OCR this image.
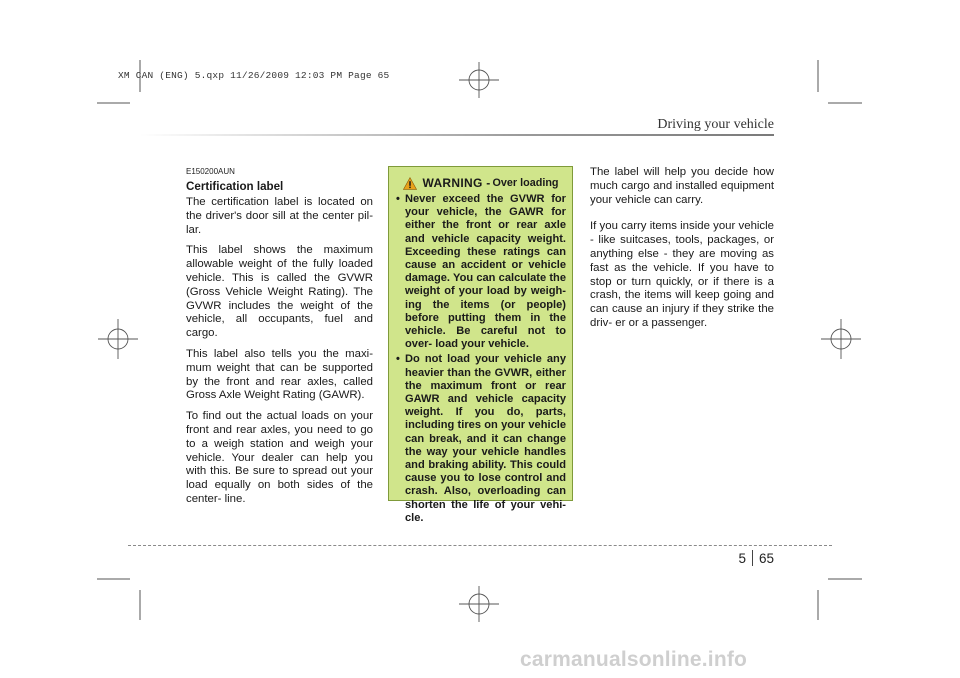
XM CAN (ENG) 5.qxp 11/26/2009 12:03 PM Page 65
Driving your vehicle
E150200AUN
Certification label

The certification label is located on the driver's door sill at the center pil- lar.

This label shows the maximum allowable weight of the fully loaded vehicle. This is called the GVWR (Gross Vehicle Weight Rating). The GVWR includes the weight of the vehicle, all occupants, fuel and cargo.

This label also tells you the maxi- mum weight that can be supported by the front and rear axles, called Gross Axle Weight Rating (GAWR).

To find out the actual loads on your front and rear axles, you need to go to a weigh station and weigh your vehicle. Your dealer can help you with this. Be sure to spread out your load equally on both sides of the center- line.

WARNING - Over loading
• Never exceed the GVWR for your vehicle, the GAWR for either the front or rear axle and vehicle capacity weight. Exceeding these ratings can cause an accident or vehicle damage. You can calculate the weight of your load by weigh- ing the items (or people) before putting them in the vehicle. Be careful not to over- load your vehicle.
• Do not load your vehicle any heavier than the GVWR, either the maximum front or rear GAWR and vehicle capacity weight. If you do, parts, including tires on your vehicle can break, and it can change the way your vehicle handles and braking ability. This could cause you to lose control and crash. Also, overloading can shorten the life of your vehi- cle.

The label will help you decide how much cargo and installed equipment your vehicle can carry.

If you carry items inside your vehicle - like suitcases, tools, packages, or anything else - they are moving as fast as the vehicle. If you have to stop or turn quickly, or if there is a crash, the items will keep going and can cause an injury if they strike the driv- er or a passenger.

5 65
carmanualsonline.info
